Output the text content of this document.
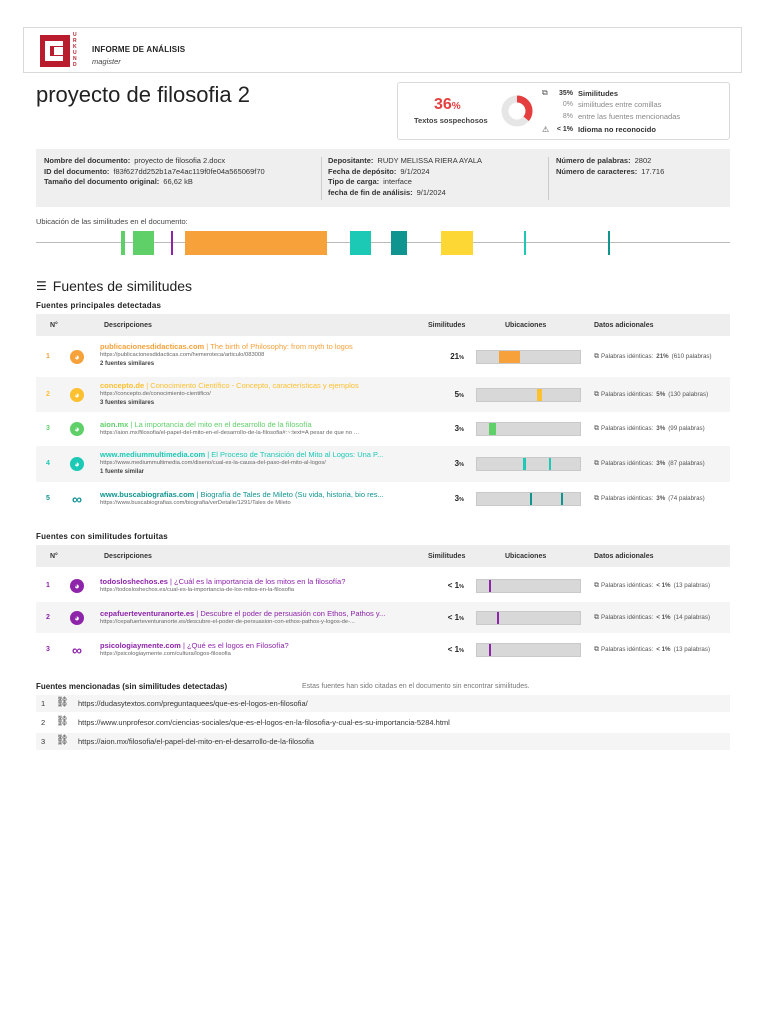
U R K U N D
INFORME DE ANÁLISIS
magister
proyecto de filosofia 2	36%
Textos sospechosos
⧉	35% Similitudes
0% similitudes entre comillas
8% entre las fuentes mencionadas
⚠	< 1% Idioma no reconocido
Nombre del documento: proyecto de filosofia 2.docx
ID del documento: f83f627dd252b1a7e4ac119f0fe04a565069f70
Tamaño del documento original: 66,62 kB
Depositante: RUDY MELISSA RIERA AYALA
Fecha de depósito: 9/1/2024
Tipo de carga: interface
fecha de fin de análisis: 9/1/2024
Número de palabras: 2802
Número de caracteres: 17.716
Ubicación de las similitudes en el documento:
☰ Fuentes de similitudes
Fuentes principales detectadas
N°	Descripciones	Similitudes	Ubicaciones	Datos adicionales
1	◕
publicacionesdidacticas.com | The birth of Philosophy: from myth to logos
https://publicacionesdidacticas.com/hemeroteca/articulo/083008
2 fuentes similares
21%	⧉ Palabras idénticas: 21% (610 palabras)
2	◕
concepto.de | Conocimiento Científico - Concepto, características y ejemplos
https://concepto.de/conocimiento-cientifico/
3 fuentes similares
5%	⧉ Palabras idénticas: 5% (130 palabras)
3	◕	aion.mx | La importancia del mito en el desarrollo de la filosofía
https://aion.mx/filosofia/el-papel-del-mito-en-el-desarrollo-de-la-filosofia#:~:text=A pesar de que no …	3%	⧉ Palabras idénticas: 3% (99 palabras)
4	◕
www.mediummultimedia.com | El Proceso de Transición del Mito al Logos: Una P...
https://www.mediummultimedia.com/diseno/cual-es-la-causa-del-paso-del-mito-al-logos/
1 fuente similar
3%	⧉ Palabras idénticas: 3% (87 palabras)
5 ∞ www.buscabiografias.com | Biografía de Tales de Mileto (Su vida, historia, bio res...
https://www.buscabiografias.com/biografia/verDetalle/1291/Tales de Mileto	3%	⧉ Palabras idénticas: 3% (74 palabras)
Fuentes con similitudes fortuitas
N°	Descripciones	Similitudes	Ubicaciones	Datos adicionales
1	◕	todosloshechos.es | ¿Cuál es la importancia de los mitos en la filosofía?
https://todosloshechos.es/cual-es-la-importancia-de-los-mitos-en-la-filosofia	< 1%	⧉ Palabras idénticas: < 1% (13 palabras)
2	◕	cepafuerteventuranorte.es | Descubre el poder de persuasión con Ethos, Pathos y...
https://cepafuerteventuranorte.es/descubre-el-poder-de-persuasion-con-ethos-pathos-y-logos-de-...	< 1%	⧉ Palabras idénticas: < 1% (14 palabras)
3 ∞ psicologiaymente.com | ¿Qué es el logos en Filosofía?
https://psicologiaymente.com/cultura/logos-filosofia	< 1%	⧉ Palabras idénticas: < 1% (13 palabras)
Fuentes mencionadas (sin similitudes detectadas)	Estas fuentes han sido citadas en el documento sin encontrar similitudes.
1 ⛓ https://dudasytextos.com/preguntaquees/que-es-el-logos-en-filosofia/
2 ⛓ https://www.unprofesor.com/ciencias-sociales/que-es-el-logos-en-la-filosofia-y-cual-es-su-importancia-5284.html
3 ⛓ https://aion.mx/filosofia/el-papel-del-mito-en-el-desarrollo-de-la-filosofia
